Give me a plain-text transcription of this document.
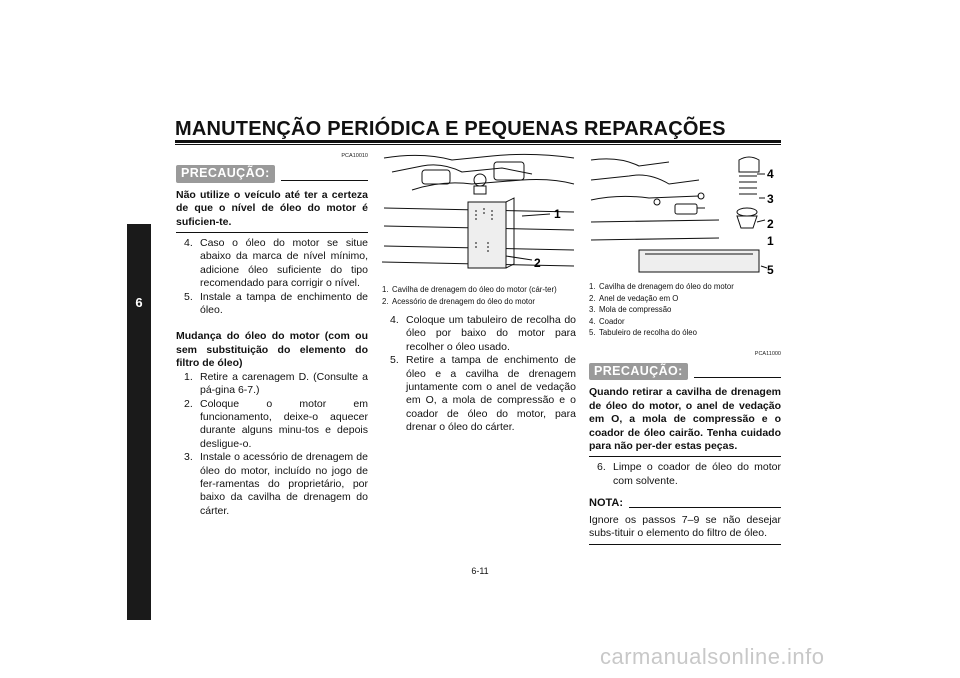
MANUTENÇÃO PERIÓDICA E PEQUENAS REPARAÇÕES
6
PCA10010
PRECAUÇÃO:
Não utilize o veículo até ter a certeza de que o nível de óleo do motor é suficien-te.
4. Caso o óleo do motor se situe abaixo da marca de nível mínimo, adicione óleo suficiente do tipo recomendado para corrigir o nível.
5. Instale a tampa de enchimento de óleo.
Mudança do óleo do motor (com ou sem substituição do elemento do filtro de óleo)
1. Retire a carenagem D. (Consulte a pá-gina 6-7.)
2. Coloque o motor em funcionamento, deixe-o aquecer durante alguns minu-tos e depois desligue-o.
3. Instale o acessório de drenagem de óleo do motor, incluído no jogo de fer-ramentas do proprietário, por baixo da cavilha de drenagem do cárter.
1
2
1. Cavilha de drenagem do óleo do motor (cár-ter)
2. Acessório de drenagem do óleo do motor
4. Coloque um tabuleiro de recolha do óleo por baixo do motor para recolher o óleo usado.
5. Retire a tampa de enchimento de óleo e a cavilha de drenagem juntamente com o anel de vedação em O, a mola de compressão e o coador de óleo do motor, para drenar o óleo do cárter.
4
3
2
1
5
1. Cavilha de drenagem do óleo do motor
2. Anel de vedação em O
3. Mola de compressão
4. Coador
5. Tabuleiro de recolha do óleo
PCA11000
PRECAUÇÃO:
Quando retirar a cavilha de drenagem de óleo do motor, o anel de vedação em O, a mola de compressão e o coador de óleo cairão. Tenha cuidado para não per-der estas peças.
6. Limpe o coador de óleo do motor com solvente.
NOTA:
Ignore os passos 7–9 se não desejar subs-tituir o elemento do filtro de óleo.
6-11
carmanualsonline.info
